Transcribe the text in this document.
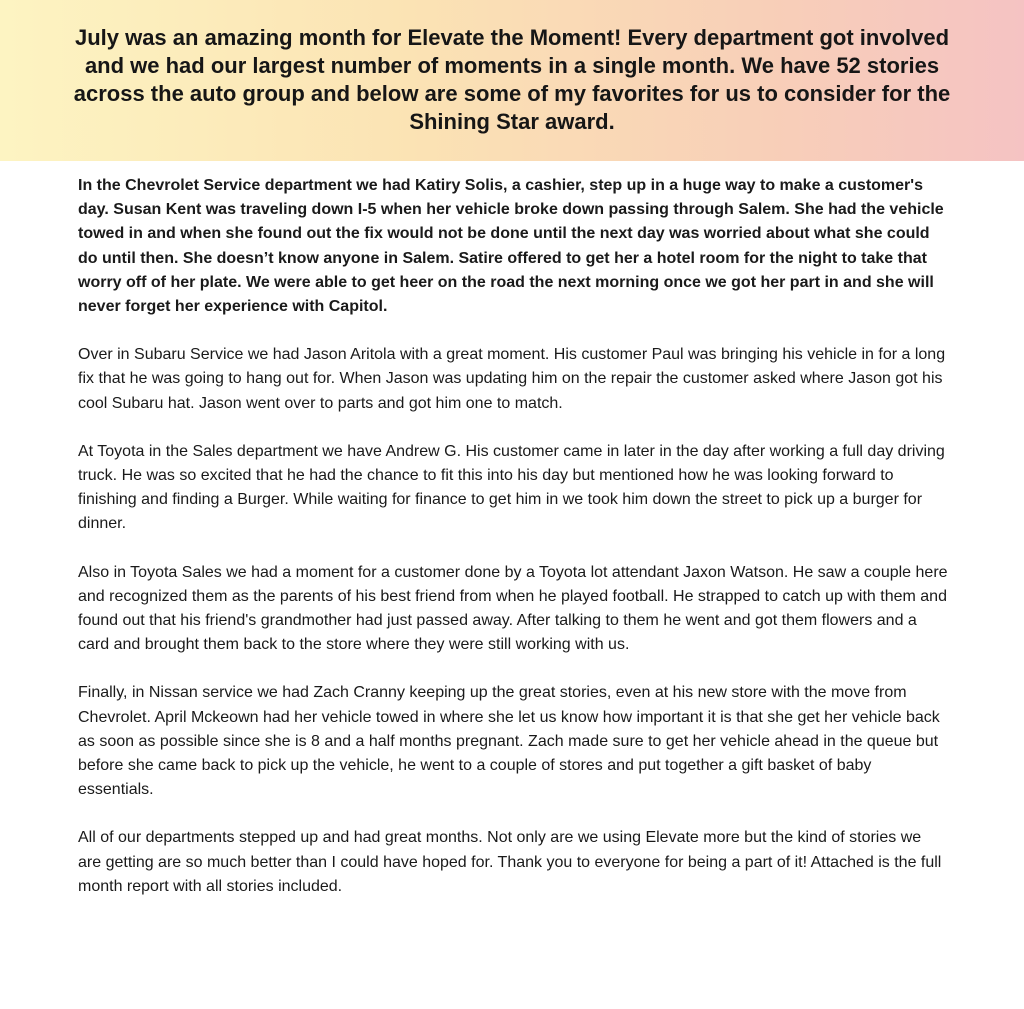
July was an amazing month for Elevate the Moment! Every department got involved and we had our largest number of moments in a single month. We have 52 stories across the auto group and below are some of my favorites for us to consider for the Shining Star award.

In the Chevrolet Service department we had Katiry Solis, a cashier, step up in a huge way to make a customer's day. Susan Kent was traveling down I-5 when her vehicle broke down passing through Salem. She had the vehicle towed in and when she found out the fix would not be done until the next day was worried about what she could do until then. She doesn’t know anyone in Salem. Satire offered to get her a hotel room for the night to take that worry off of her plate. We were able to get heer on the road the next morning once we got her part in and she will never forget her experience with Capitol.

Over in Subaru Service we had Jason Aritola with a great moment. His customer Paul was bringing his vehicle in for a long fix that he was going to hang out for. When Jason was updating him on the repair the customer asked where Jason got his cool Subaru hat. Jason went over to parts and got him one to match.

At Toyota in the Sales department we have Andrew G. His customer came in later in the day after working a full day driving truck. He was so excited that he had the chance to fit this into his day but mentioned how he was looking forward to finishing and finding a Burger. While waiting for finance to get him in we took him down the street to pick up a burger for dinner.

Also in Toyota Sales we had a moment for a customer done by a Toyota lot attendant Jaxon Watson. He saw a couple here and recognized them as the parents of his best friend from when he played football. He strapped to catch up with them and found out that his friend's grandmother had just passed away. After talking to them he went and got them flowers and a card and brought them back to the store where they were still working with us.

Finally, in Nissan service we had Zach Cranny keeping up the great stories, even at his new store with the move from Chevrolet. April Mckeown had her vehicle towed in where she let us know how important it is that she get her vehicle back as soon as possible since she is 8 and a half months pregnant. Zach made sure to get her vehicle ahead in the queue but before she came back to pick up the vehicle, he went to a couple of stores and put together a gift basket of baby essentials.

All of our departments stepped up and had great months. Not only are we using Elevate more but the kind of stories we are getting are so much better than I could have hoped for. Thank you to everyone for being a part of it! Attached is the full month report with all stories included.
